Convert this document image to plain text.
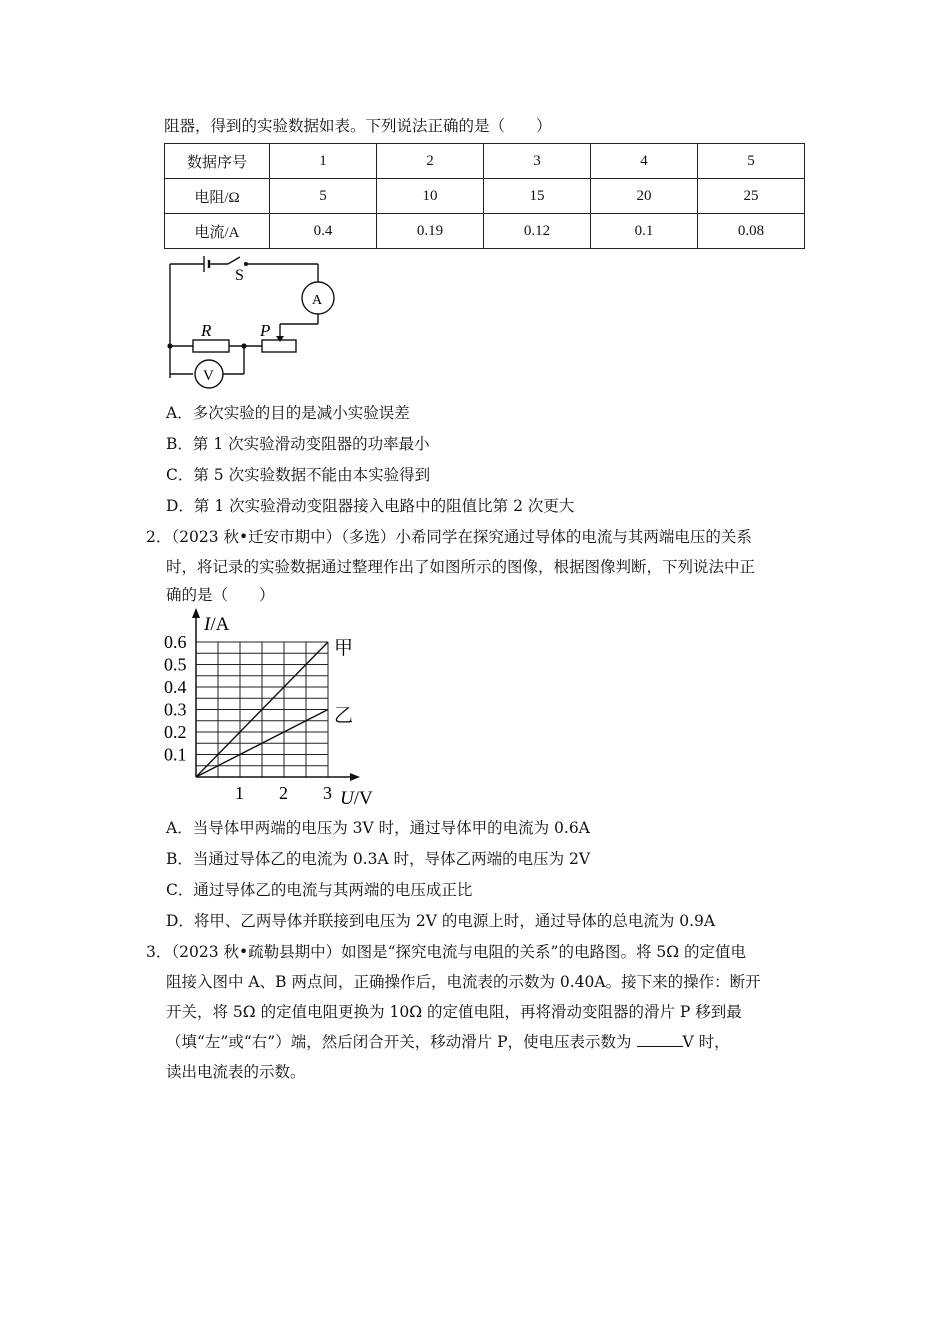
阻器，得到的实验数据如表。下列说法正确的是（　　）
数据序号	1	2	3	4	5
电阻/Ω	5	10	15	20	25
电流/A	0.4	0.19	0.12	0.1	0.08
S
A
R	P
V
A．多次实验的目的是减小实验误差
B．第 1 次实验滑动变阻器的功率最小
C．第 5 次实验数据不能由本实验得到
D．第 1 次实验滑动变阻器接入电路中的阻值比第 2 次更大
2．（2023 秋•迁安市期中）（多选）小希同学在探究通过导体的电流与其两端电压的关系
时，将记录的实验数据通过整理作出了如图所示的图像，根据图像判断，下列说法中正
确的是（　　）
甲
乙
0.1
0.2
0.3
0.4
0.5
0.6
1 2 3
I/A
U/V
A．当导体甲两端的电压为 3V 时，通过导体甲的电流为 0.6A
B．当通过导体乙的电流为 0.3A 时，导体乙两端的电压为 2V
C．通过导体乙的电流与其两端的电压成正比
D．将甲、乙两导体并联接到电压为 2V 的电源上时，通过导体的总电流为 0.9A
3．（2023 秋•疏勒县期中）如图是“探究电流与电阻的关系”的电路图。将 5Ω 的定值电
阻接入图中 A、B 两点间，正确操作后，电流表的示数为 0.40A。接下来的操作：断开
开关，将 5Ω 的定值电阻更换为 10Ω 的定值电阻，再将滑动变阻器的滑片 P 移到最
（填“左”或“右”）端，然后闭合开关，移动滑片 P，使电压表示数为	V 时，
读出电流表的示数。
